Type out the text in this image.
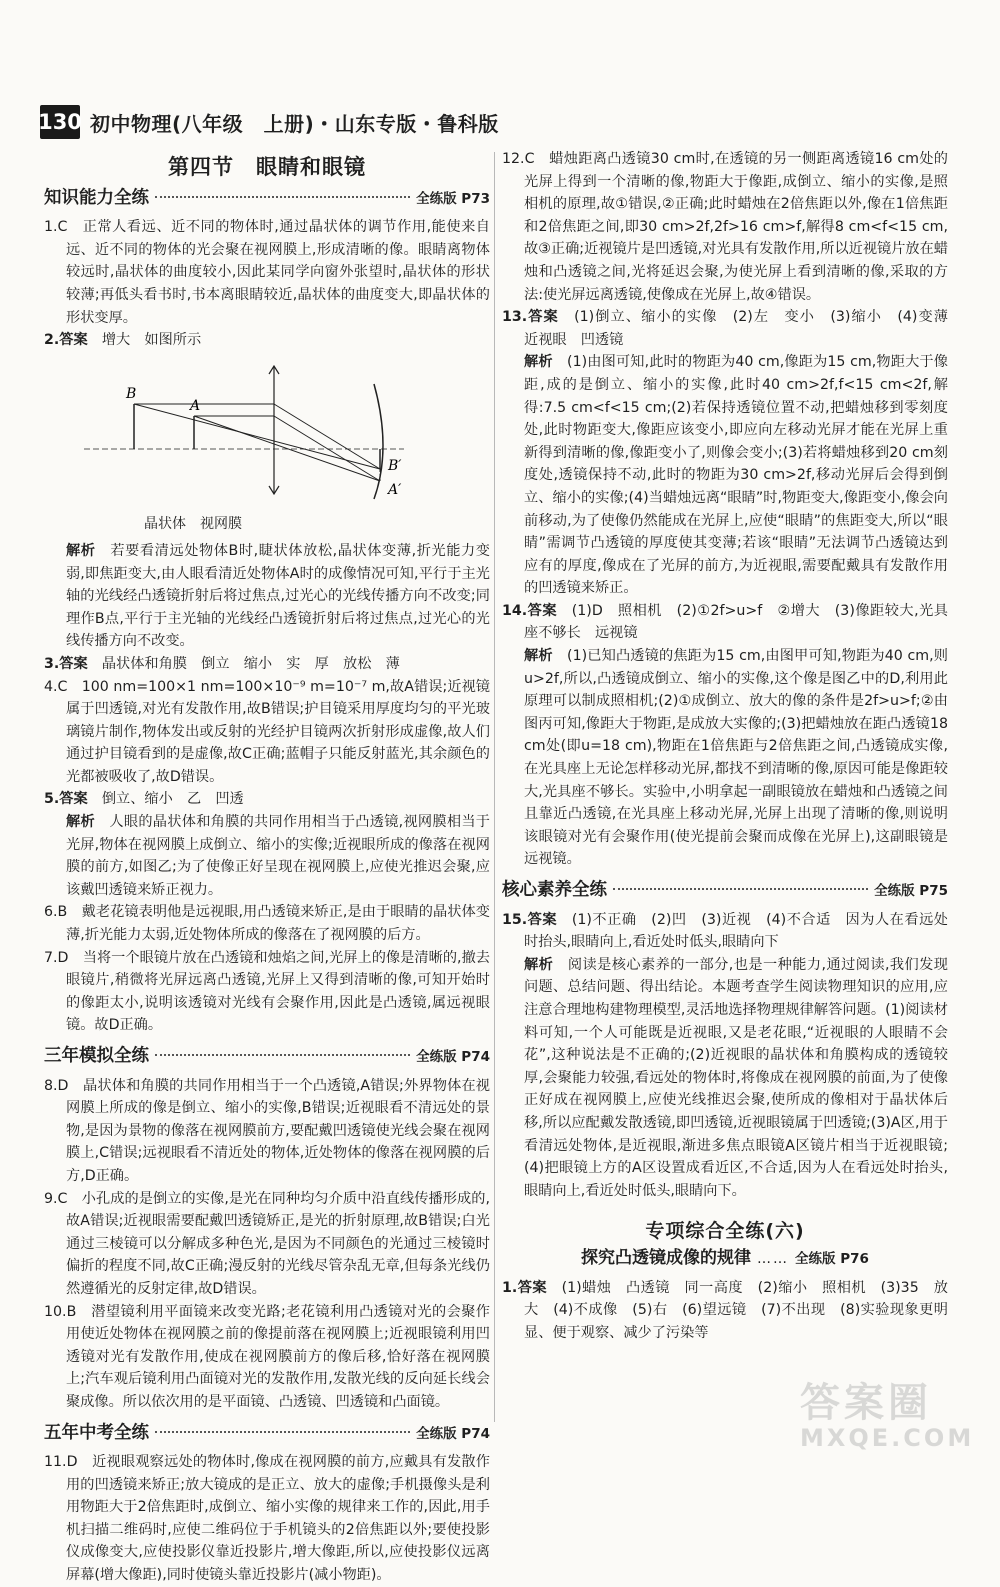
130 初中物理(八年级　上册)・山东专版・鲁科版
第四节　眼睛和眼镜
知识能力全练	全练版 P73

1.C　正常人看远、近不同的物体时,通过晶状体的调节作用,能使来自远、近不同的物体的光会聚在视网膜上,形成清晰的像。眼睛离物体较远时,晶状体的曲度较小,因此某同学向窗外张望时,晶状体的形状较薄;再低头看书时,书本离眼睛较近,晶状体的曲度变大,即晶状体的形状变厚。

2.答案　 增大　如图所示

B
A
B′
A′
晶状体　视网膜

解析　 若要看清远处物体B时,睫状体放松,晶状体变薄,折光能力变弱,即焦距变大,由人眼看清近处物体A时的成像情况可知,平行于主光轴的光线经凸透镜折射后将过焦点,过光心的光线传播方向不改变;同理作B点,平行于主光轴的光线经凸透镜折射后将过焦点,过光心的光线传播方向不改变。

3.答案　 晶状体和角膜　倒立　缩小　实　厚　放松　薄

4.C　100 nm=100×1 nm=100×10⁻⁹ m=10⁻⁷ m,故A错误;近视镜属于凹透镜,对光有发散作用,故B错误;护目镜采用厚度均匀的平光玻璃镜片制作,物体发出或反射的光经护目镜两次折射形成虚像,故人们通过护目镜看到的是虚像,故C正确;蓝帽子只能反射蓝光,其余颜色的光都被吸收了,故D错误。

5.答案　 倒立、缩小　乙　凹透

解析　 人眼的晶状体和角膜的共同作用相当于凸透镜,视网膜相当于光屏,物体在视网膜上成倒立、缩小的实像;近视眼所成的像落在视网膜的前方,如图乙;为了使像正好呈现在视网膜上,应使光推迟会聚,应该戴凹透镜来矫正视力。

6.B　戴老花镜表明他是远视眼,用凸透镜来矫正,是由于眼睛的晶状体变薄,折光能力太弱,近处物体所成的像落在了视网膜的后方。

7.D　当将一个眼镜片放在凸透镜和烛焰之间,光屏上的像是清晰的,撤去眼镜片,稍微将光屏远离凸透镜,光屏上又得到清晰的像,可知开始时的像距太小,说明该透镜对光线有会聚作用,因此是凸透镜,属远视眼镜。故D正确。

三年模拟全练	全练版 P74

8.D　晶状体和角膜的共同作用相当于一个凸透镜,A错误;外界物体在视网膜上所成的像是倒立、缩小的实像,B错误;近视眼看不清远处的景物,是因为景物的像落在视网膜前方,要配戴凹透镜使光线会聚在视网膜上,C错误;远视眼看不清近处的物体,近处物体的像落在视网膜的后方,D正确。

9.C　小孔成的是倒立的实像,是光在同种均匀介质中沿直线传播形成的,故A错误;近视眼需要配戴凹透镜矫正,是光的折射原理,故B错误;白光通过三棱镜可以分解成多种色光,是因为不同颜色的光通过三棱镜时偏折的程度不同,故C正确;漫反射的光线尽管杂乱无章,但每条光线仍然遵循光的反射定律,故D错误。

10.B　潜望镜利用平面镜来改变光路;老花镜利用凸透镜对光的会聚作用使近处物体在视网膜之前的像提前落在视网膜上;近视眼镜利用凹透镜对光有发散作用,使成在视网膜前方的像后移,恰好落在视网膜上;汽车观后镜利用凸面镜对光的发散作用,发散光线的反向延长线会聚成像。所以依次用的是平面镜、凸透镜、凹透镜和凸面镜。

五年中考全练	全练版 P74

11.D　近视眼观察远处的物体时,像成在视网膜的前方,应戴具有发散作用的凹透镜来矫正;放大镜成的是正立、放大的虚像;手机摄像头是利用物距大于2倍焦距时,成倒立、缩小实像的规律来工作的,因此,用手机扫描二维码时,应使二维码位于手机镜头的2倍焦距以外;要使投影仪成像变大,应使投影仪靠近投影片,增大像距,所以,应使投影仪远离屏幕(增大像距),同时使镜头靠近投影片(减小物距)。

12.C　蜡烛距离凸透镜30 cm时,在透镜的另一侧距离透镜16 cm处的光屏上得到一个清晰的像,物距大于像距,成倒立、缩小的实像,是照相机的原理,故①错误,②正确;此时蜡烛在2倍焦距以外,像在1倍焦距和2倍焦距之间,即30 cm>2f,2f>16 cm>f,解得8 cm<f<15 cm,故③正确;近视镜片是凹透镜,对光具有发散作用,所以近视镜片放在蜡烛和凸透镜之间,光将延迟会聚,为使光屏上看到清晰的像,采取的方法:使光屏远离透镜,使像成在光屏上,故④错误。

13.答案　 (1)倒立、缩小的实像　(2)左　变小　(3)缩小　(4)变薄　近视眼　凹透镜

解析　 (1)由图可知,此时的物距为40 cm,像距为15 cm,物距大于像距,成的是倒立、缩小的实像,此时40 cm>2f,f<15 cm<2f,解得:7.5 cm<f<15 cm;(2)若保持透镜位置不动,把蜡烛移到零刻度处,此时物距变大,像距应该变小,即应向左移动光屏才能在光屏上重新得到清晰的像,像距变小了,则像会变小;(3)若将蜡烛移到20 cm刻度处,透镜保持不动,此时的物距为30 cm>2f,移动光屏后会得到倒立、缩小的实像;(4)当蜡烛远离“眼睛”时,物距变大,像距变小,像会向前移动,为了使像仍然能成在光屏上,应使“眼睛”的焦距变大,所以“眼睛”需调节凸透镜的厚度使其变薄;若该“眼睛”无法调节凸透镜达到应有的厚度,像成在了光屏的前方,为近视眼,需要配戴具有发散作用的凹透镜来矫正。

14.答案　 (1)D　照相机　(2)①2f>u>f　②增大　(3)像距较大,光具座不够长　远视镜

解析　 (1)已知凸透镜的焦距为15 cm,由图甲可知,物距为40 cm,则u>2f,所以,凸透镜成倒立、缩小的实像,这个像是图乙中的D,利用此原理可以制成照相机;(2)①成倒立、放大的像的条件是2f>u>f;②由图丙可知,像距大于物距,是成放大实像的;(3)把蜡烛放在距凸透镜18 cm处(即u=18 cm),物距在1倍焦距与2倍焦距之间,凸透镜成实像,在光具座上无论怎样移动光屏,都找不到清晰的像,原因可能是像距较大,光具座不够长。实验中,小明拿起一副眼镜放在蜡烛和凸透镜之间且靠近凸透镜,在光具座上移动光屏,光屏上出现了清晰的像,则说明该眼镜对光有会聚作用(使光提前会聚而成像在光屏上),这副眼镜是远视镜。

核心素养全练	全练版 P75

15.答案　 (1)不正确　(2)凹　(3)近视　(4)不合适　因为人在看远处时抬头,眼睛向上,看近处时低头,眼睛向下

解析　 阅读是核心素养的一部分,也是一种能力,通过阅读,我们发现问题、总结问题、得出结论。本题考查学生阅读物理知识的应用,应注意合理地构建物理模型,灵活地选择物理规律解答问题。(1)阅读材料可知,一个人可能既是近视眼,又是老花眼,“近视眼的人眼睛不会花”,这种说法是不正确的;(2)近视眼的晶状体和角膜构成的透镜较厚,会聚能力较强,看远处的物体时,将像成在视网膜的前面,为了使像正好成在视网膜上,应使光线推迟会聚,使所成的像相对于晶状体后移,所以应配戴发散透镜,即凹透镜,近视眼镜属于凹透镜;(3)A区,用于看清远处物体,是近视眼,渐进多焦点眼镜A区镜片相当于近视眼镜;(4)把眼镜上方的A区设置成看近区,不合适,因为人在看远处时抬头,眼睛向上,看近处时低头,眼睛向下。

专项综合全练(六)
探究凸透镜成像的规律 …… 全练版 P76

1.答案　 (1)蜡烛　凸透镜　同一高度　(2)缩小　照相机　(3)35　放大　(4)不成像　(5)右　(6)望远镜　(7)不出现　(8)实验现象更明显、便于观察、减少了污染等

答案圈
MXQE.COM
